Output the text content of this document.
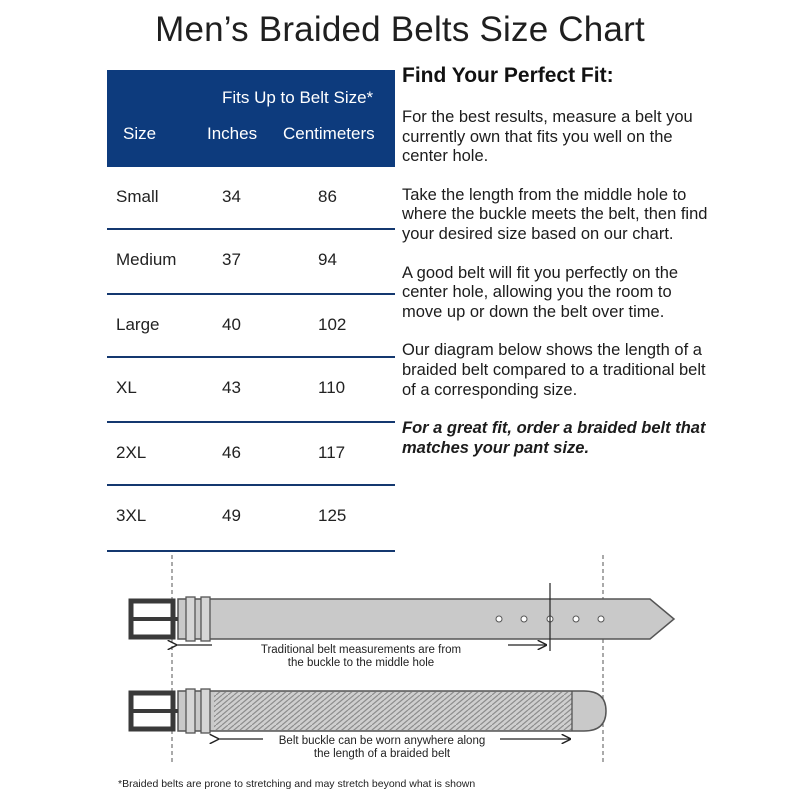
Men’s Braided Belts Size Chart
Fits Up to Belt Size*
Size	Inches Centimeters
Small	34	86
Medium	37	94
Large	40	102
XL	43	110
2XL	46	117
3XL	49	125
Find Your Perfect Fit:

For the best results, measure a belt you currently own that fits you well on the center hole.

Take the length from the middle hole to where the buckle meets the belt, then find your desired size based on our chart.

A good belt will fit you perfectly on the center hole, allowing you the room to move up or down the belt over time.

Our diagram below shows the length of a braided belt compared to a traditional belt of a corresponding size.

For a great fit, order a braided belt that matches your pant size.

Traditional belt measurements are from
the buckle to the middle hole
Belt buckle can be worn anywhere along
the length of a braided belt
*Braided belts are prone to stretching and may stretch beyond what is shown
